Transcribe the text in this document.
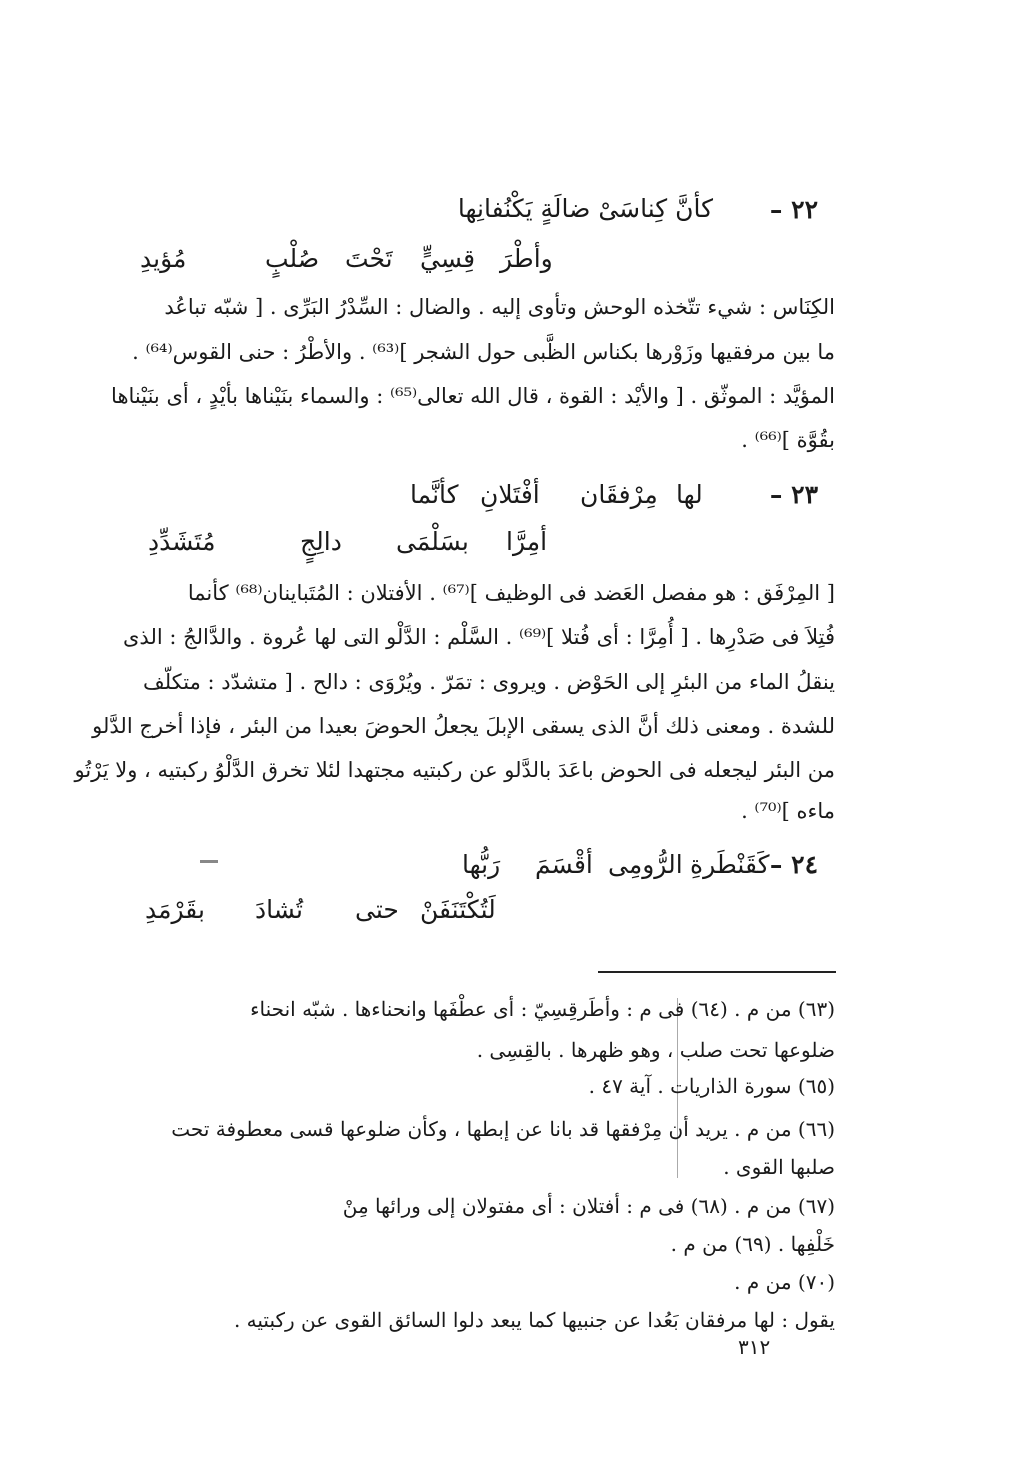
٢٢ –
كأنَّ كِناسَىْ ضالَةٍ يَكْنُفانِها
وأطْرَ
قِسِيٍّ
تَحْتَ
صُلْبٍ
مُؤيدِ
الكِنَاس : شيء تتّخذه الوحش وتأوى إليه . والضال : السِّدْرُ البَرِّى . [ شبّه تباعُد
ما بين مرفقيها وزَوْرها بكناس الظَّبى حول الشجر ]⁽⁶³⁾ . والأطْرُ : حنى القوس⁽⁶⁴⁾ .
المؤيَّد : الموثّق . [ والأيْد : القوة ، قال الله تعالى⁽⁶⁵⁾ : والسماء بنَيْناها بأيْدٍ ، أى بنَيْناها
بقُوَّة ]⁽⁶⁶⁾ .
٢٣ –
لها
مِرْفقَان
أفْتَلانِ
كأنَّما
أمِرَّا
بسَلْمَى
دالِجٍ
مُتَشَدِّدِ
[ المِرْفَق : هو مفصل العَضد فى الوظيف ]⁽⁶⁷⁾ . الأفتلان : المُتَباينان⁽⁶⁸⁾ كأنما
فُتِلاَ فى صَدْرِها . [ أُمِرَّا : أى فُتلا ]⁽⁶⁹⁾ . السَّلْم : الدَّلْو التى لها عُروة . والدَّالجُ : الذى
ينقلُ الماء من البئرِ إلى الحَوْض . ويروى : تمَرّ . ويُرْوَى : دالح . [ متشدّد : متكلّف
للشدة . ومعنى ذلك أنَّ الذى يسقى الإبلَ يجعلُ الحوضَ بعيدا من البئر ، فإذا أخرج الدَّلو
من البئر ليجعله فى الحوض باعَدَ بالدَّلو عن ركبتيه مجتهدا لئلا تخرق الدَّلْوُ ركبتيه ، ولا يَرْتُو
ماءه ]⁽⁷⁰⁾ .
٢٤ –
كَقَنْطَرةِ
الرُّومِى
أقْسَمَ
رَبُّها
لَتُكْتَنَفَنْ
حتى
تُشادَ
بقَرْمَدِ
(٦٣) من م . (٦٤) فى م : وأطَرقِسِيّ : أى عطْفَها وانحناءها . شبّه انحناء
ضلوعها تحت صلب ، وهو ظهرها . بالقِسِى .
(٦٥) سورة الذاريات . آية ٤٧ .
(٦٦) من م . يريد أن مِرْفقها قد بانا عن إبطها ، وكأن ضلوعها قسى معطوفة تحت
صلبها القوى .
(٦٧) من م . (٦٨) فى م : أفتلان : أى مفتولان إلى ورائها مِنْ
خَلْفِها . (٦٩) من م .
(٧٠) من م .
يقول : لها مرفقان بَعُدا عن جنبيها كما يبعد دلوا السائق القوى عن ركبتيه .
٣١٢
